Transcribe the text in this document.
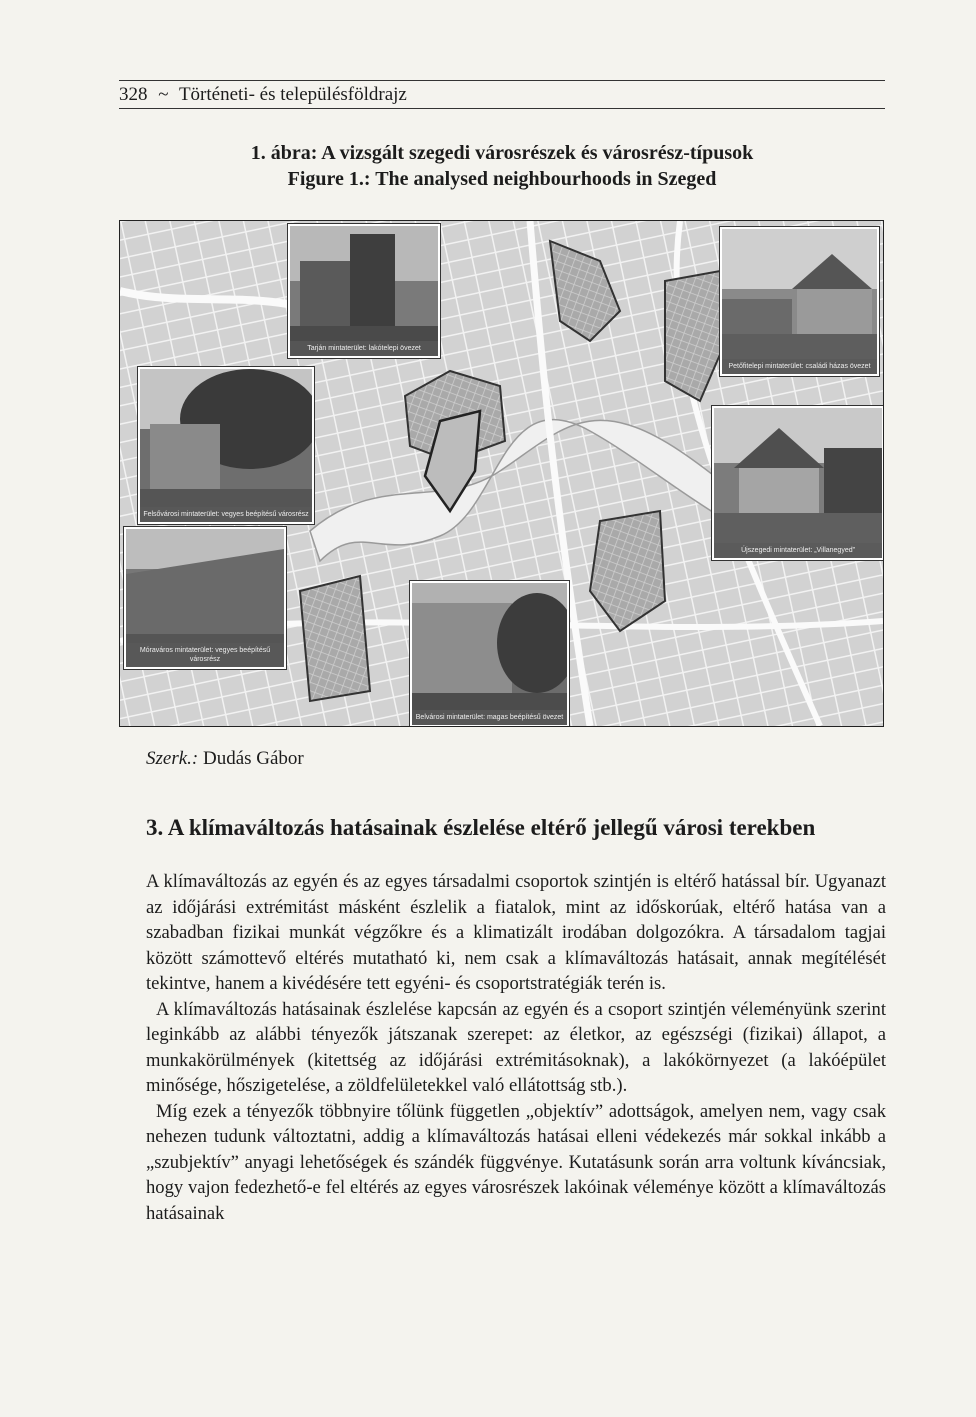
328 ~ Történeti- és településföldrajz
1. ábra: A vizsgált szegedi városrészek és városrész-típusok
Figure 1.: The analysed neighbourhoods in Szeged
Tarján mintaterület: lakótelepi övezet
Petőfitelepi mintaterület: családi házas övezet
Felsővárosi mintaterület: vegyes beépítésű városrész
Újszegedi mintaterület: „Villanegyed”
Móraváros mintaterület: vegyes beépítésű városrész
Belvárosi mintaterület: magas beépítésű övezet
Szerk.: Dudás Gábor
3. A klímaváltozás hatásainak észlelése eltérő jellegű városi terekben

A klímaváltozás az egyén és az egyes társadalmi csoportok szintjén is eltérő hatással bír. Ugyanazt az időjárási extrémitást másként észlelik a fiatalok, mint az időskorúak, eltérő hatása van a szabadban fizikai munkát végzőkre és a klimatizált irodában dolgozókra. A társadalom tagjai között számottevő eltérés mutatható ki, nem csak a klímaváltozás hatásait, annak megítélését tekintve, hanem a kivédésére tett egyéni- és csoportstratégiák terén is.

A klímaváltozás hatásainak észlelése kapcsán az egyén és a csoport szintjén véleményünk szerint leginkább az alábbi tényezők játszanak szerepet: az életkor, az egészségi (fizikai) állapot, a munkakörülmények (kitettség az időjárási extrémitásoknak), a lakókörnyezet (a lakóépület minősége, hőszigetelése, a zöldfelületekkel való ellátottság stb.).

Míg ezek a tényezők többnyire tőlünk független „objektív” adottságok, amelyen nem, vagy csak nehezen tudunk változtatni, addig a klímaváltozás hatásai elleni védekezés már sokkal inkább a „szubjektív” anyagi lehetőségek és szándék függvénye. Kutatásunk során arra voltunk kíváncsiak, hogy vajon fedezhető-e fel eltérés az egyes városrészek lakóinak véleménye között a klímaváltozás hatásainak
